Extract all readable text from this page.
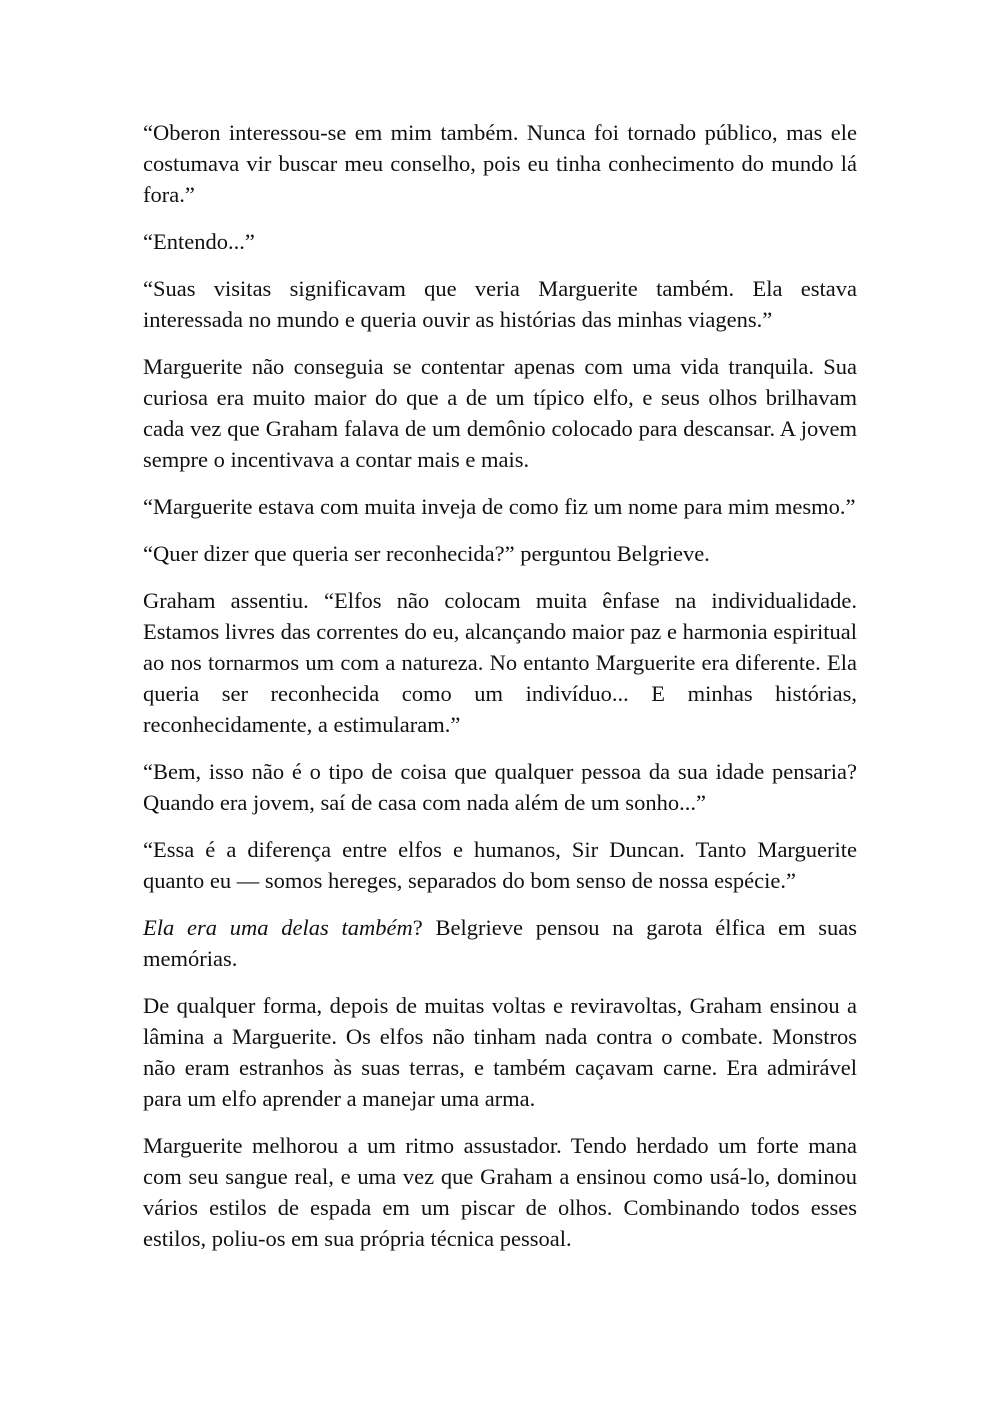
“Oberon interessou-se em mim também. Nunca foi tornado público, mas ele costumava vir buscar meu conselho, pois eu tinha conhecimento do mundo lá fora.”

“Entendo...”

“Suas visitas significavam que veria Marguerite também. Ela estava interessada no mundo e queria ouvir as histórias das minhas viagens.”

Marguerite não conseguia se contentar apenas com uma vida tranquila. Sua curiosa era muito maior do que a de um típico elfo, e seus olhos brilhavam cada vez que Graham falava de um demônio colocado para descansar. A jovem sempre o incentivava a contar mais e mais.

“Marguerite estava com muita inveja de como fiz um nome para mim mesmo.”

“Quer dizer que queria ser reconhecida?” perguntou Belgrieve.

Graham assentiu. “Elfos não colocam muita ênfase na individualidade. Estamos livres das correntes do eu, alcançando maior paz e harmonia espiritual ao nos tornarmos um com a natureza. No entanto Marguerite era diferente. Ela queria ser reconhecida como um indivíduo... E minhas histórias, reconhecidamente, a estimularam.”

“Bem, isso não é o tipo de coisa que qualquer pessoa da sua idade pensaria? Quando era jovem, saí de casa com nada além de um sonho...”

“Essa é a diferença entre elfos e humanos, Sir Duncan. Tanto Marguerite quanto eu — somos hereges, separados do bom senso de nossa espécie.”

Ela era uma delas também? Belgrieve pensou na garota élfica em suas memórias.

De qualquer forma, depois de muitas voltas e reviravoltas, Graham ensinou a lâmina a Marguerite. Os elfos não tinham nada contra o combate. Monstros não eram estranhos às suas terras, e também caçavam carne. Era admirável para um elfo aprender a manejar uma arma.

Marguerite melhorou a um ritmo assustador. Tendo herdado um forte mana com seu sangue real, e uma vez que Graham a ensinou como usá-lo, dominou vários estilos de espada em um piscar de olhos. Combinando todos esses estilos, poliu-os em sua própria técnica pessoal.
